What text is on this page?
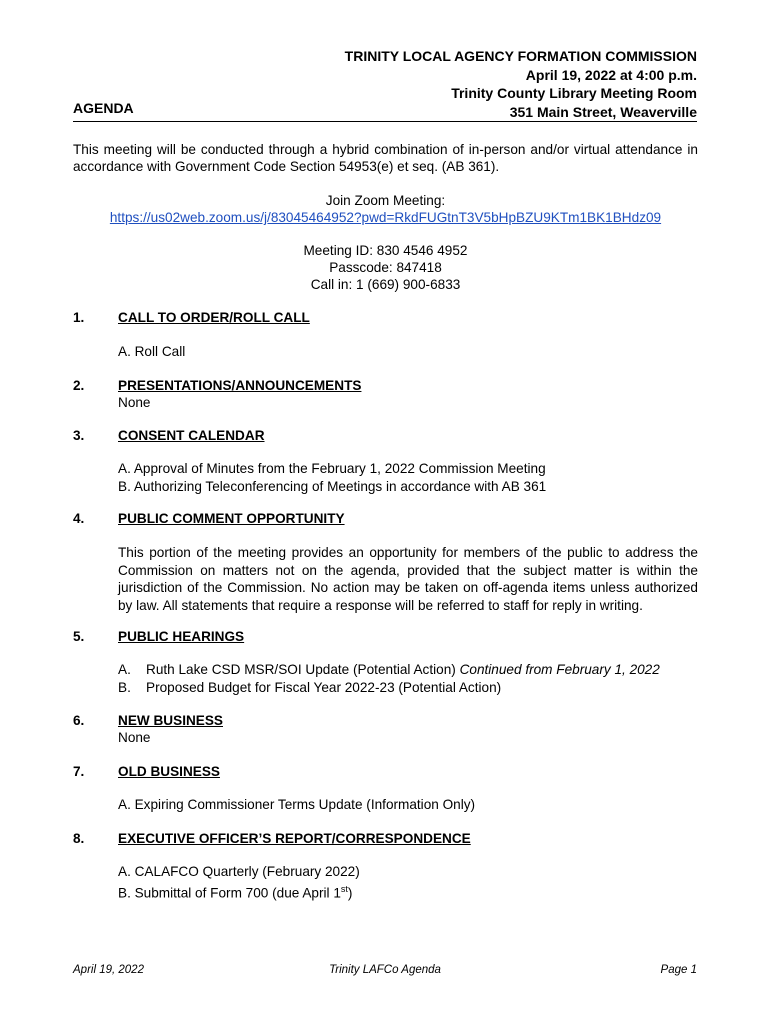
TRINITY LOCAL AGENCY FORMATION COMMISSION
April 19, 2022 at 4:00 p.m.
Trinity County Library Meeting Room
351 Main Street, Weaverville
AGENDA
This meeting will be conducted through a hybrid combination of in-person and/or virtual attendance in accordance with Government Code Section 54953(e) et seq. (AB 361).
Join Zoom Meeting:
https://us02web.zoom.us/j/83045464952?pwd=RkdFUGtnT3V5bHpBZU9KTm1BK1BHdz09
Meeting ID: 830 4546 4952
Passcode: 847418
Call in: 1 (669) 900-6833
1. CALL TO ORDER/ROLL CALL
A. Roll Call
2. PRESENTATIONS/ANNOUNCEMENTS
None
3. CONSENT CALENDAR
A. Approval of Minutes from the February 1, 2022 Commission Meeting
B. Authorizing Teleconferencing of Meetings in accordance with AB 361
4. PUBLIC COMMENT OPPORTUNITY
This portion of the meeting provides an opportunity for members of the public to address the Commission on matters not on the agenda, provided that the subject matter is within the jurisdiction of the Commission. No action may be taken on off-agenda items unless authorized by law. All statements that require a response will be referred to staff for reply in writing.
5. PUBLIC HEARINGS
A. Ruth Lake CSD MSR/SOI Update (Potential Action) Continued from February 1, 2022
B. Proposed Budget for Fiscal Year 2022-23 (Potential Action)
6. NEW BUSINESS
None
7. OLD BUSINESS
A. Expiring Commissioner Terms Update (Information Only)
8. EXECUTIVE OFFICER’S REPORT/CORRESPONDENCE
A. CALAFCO Quarterly (February 2022)
B. Submittal of Form 700 (due April 1st)
April 19, 2022	Trinity LAFCo Agenda	Page 1
